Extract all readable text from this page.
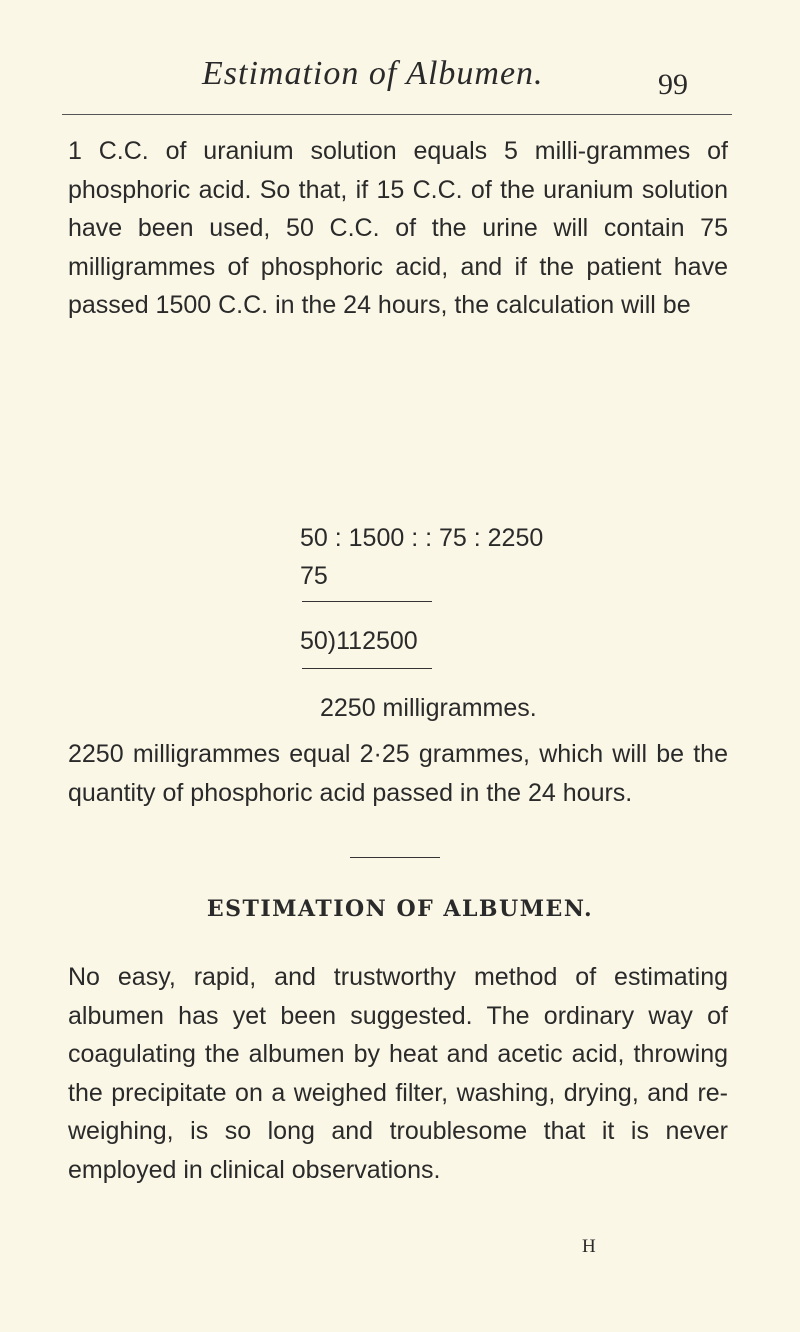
Estimation of Albumen.	99
1 C.C. of uranium solution equals 5 milli-grammes of phosphoric acid. So that, if 15 C.C. of the uranium solution have been used, 50 C.C. of the urine will contain 75 milligrammes of phosphoric acid, and if the patient have passed 1500 C.C. in the 24 hours, the calculation will be
50 : 1500 : : 75 : 2250
75
50)112500
2250 milligrammes.
2250 milligrammes equal 2·25 grammes, which will be the quantity of phosphoric acid passed in the 24 hours.
ESTIMATION OF ALBUMEN.
No easy, rapid, and trustworthy method of estimating albumen has yet been suggested. The ordinary way of coagulating the albumen by heat and acetic acid, throwing the precipitate on a weighed filter, washing, drying, and re-weighing, is so long and troublesome that it is never employed in clinical observations.
H
